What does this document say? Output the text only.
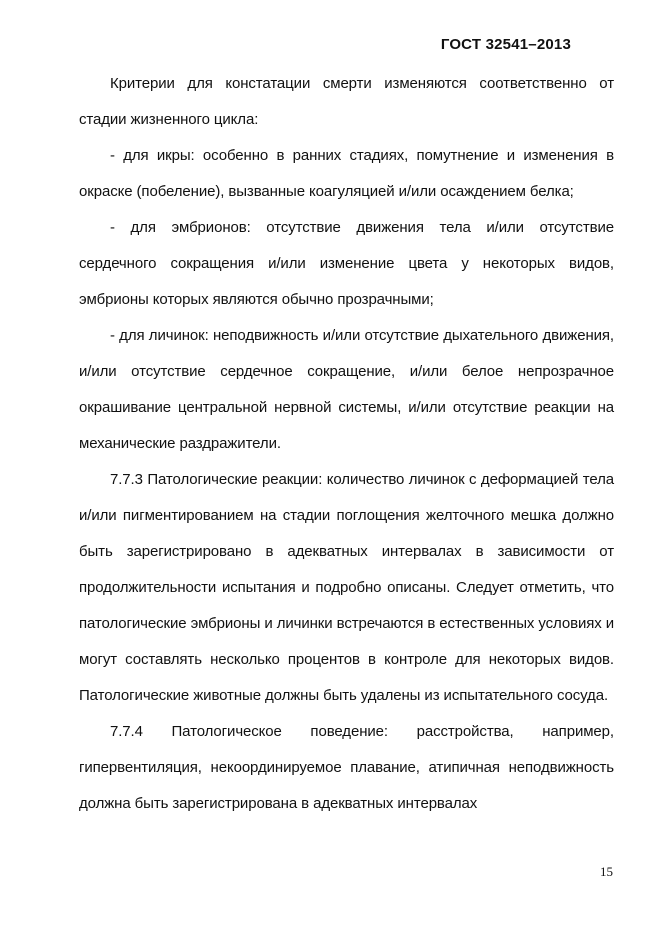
ГОСТ 32541–2013

Критерии для констатации смерти изменяются соответственно от стадии жизненного цикла:

- для икры: особенно в ранних стадиях, помутнение и изменения в окраске (побеление), вызванные коагуляцией и/или осаждением белка;

- для эмбрионов: отсутствие движения тела и/или отсутствие сердечного сокращения и/или изменение цвета у некоторых видов, эмбрионы которых являются обычно прозрачными;

- для личинок: неподвижность и/или отсутствие дыхательного движения, и/или отсутствие сердечное сокращение, и/или белое непрозрачное окрашивание центральной нервной системы, и/или отсутствие реакции на механические раздражители.

7.7.3 Патологические реакции: количество личинок с деформацией тела и/или пигментированием на стадии поглощения желточного мешка должно быть зарегистрировано в адекватных интервалах в зависимости от продолжительности испытания и подробно описаны. Следует отметить, что патологические эмбрионы и личинки встречаются в естественных условиях и могут составлять несколько процентов в контроле для некоторых видов. Патологические животные должны быть удалены из испытательного сосуда.

7.7.4 Патологическое поведение: расстройства, например, гипервентиляция, некоординируемое плавание, атипичная неподвижность должна быть зарегистрирована в адекватных интервалах

15
